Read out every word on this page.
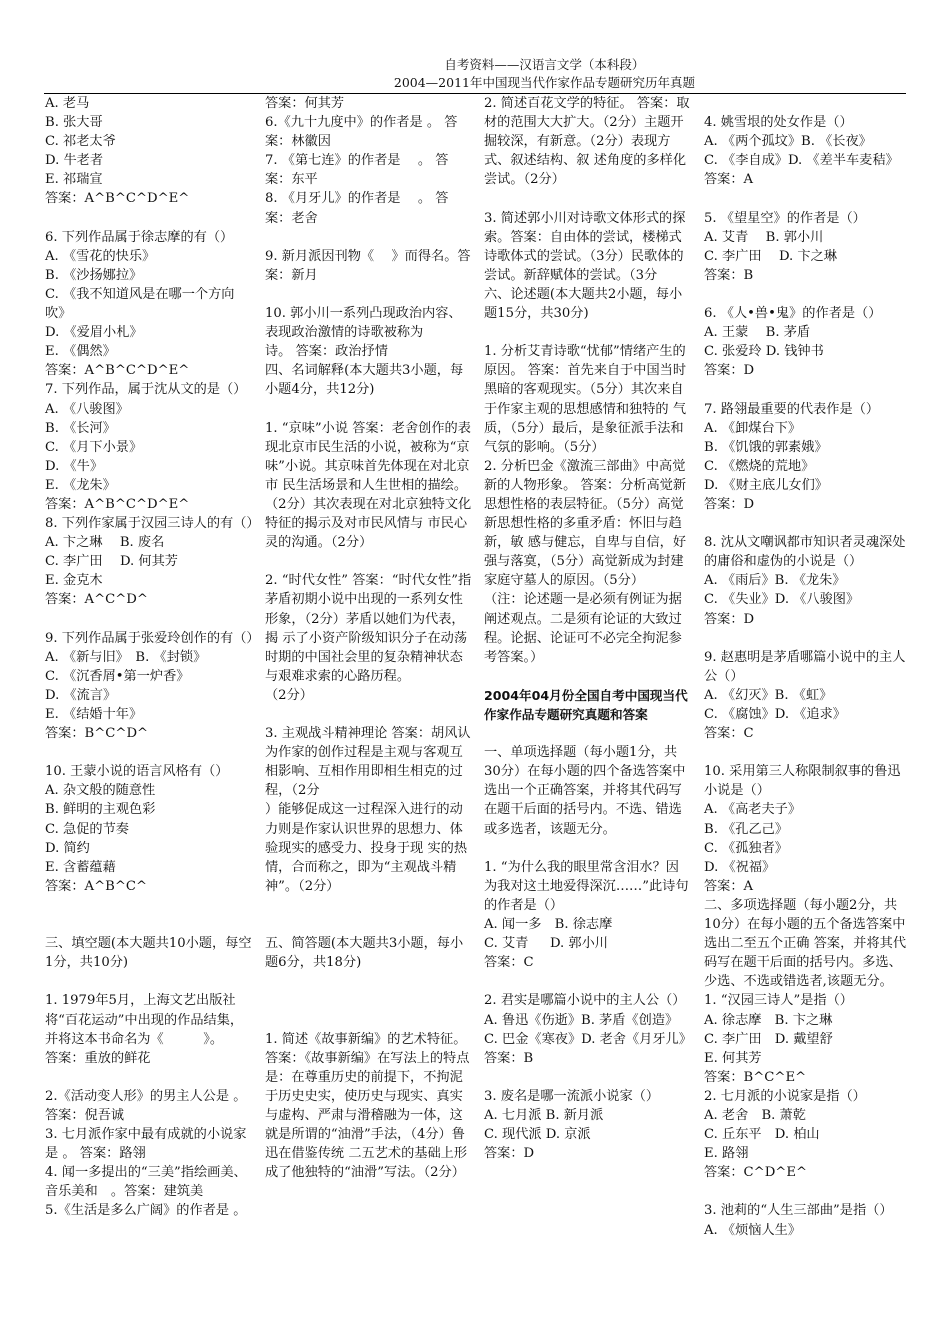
自考资料——汉语言文学（本科段）
2004—2011年中国现当代作家作品专题研究历年真题

A. 老马

B. 张大哥

C. 祁老太爷

D. 牛老者

E. 祁瑞宣

答案：A^B^C^D^E^

6. 下列作品属于徐志摩的有（）

A. 《雪花的快乐》

B. 《沙扬娜拉》

C. 《我不知道风是在哪一个方向吹》

D. 《爱眉小札》

E. 《偶然》

答案：A^B^C^D^E^

7. 下列作品，属于沈从文的是（）

A. 《八骏图》

B. 《长河》

C. 《月下小景》

D. 《牛》

E. 《龙朱》

答案：A^B^C^D^E^

8. 下列作家属于汉园三诗人的有（）

A. 卞之琳　 B. 废名

C. 李广田　 D. 何其芳

E. 金克木

答案：A^C^D^

9. 下列作品属于张爱玲创作的有（）

A. 《新与旧》　B. 《封锁》

C. 《沉香屑•第一炉香》

D. 《流言》

E. 《结婚十年》

答案：B^C^D^

10. 王蒙小说的语言风格有（）

A. 杂文般的随意性

B. 鲜明的主观色彩

C. 急促的节奏

D. 简约

E. 含蓄蕴藉

答案：A^B^C^

三、填空题(本大题共10小题，每空1分，共10分)

1. 1979年5月，上海文艺出版社将“百花运动”中出现的作品结集，并将这本书命名为《　　　》。

答案：重放的鲜花

2.《活动变人形》的男主人公是 。答案：倪吾诚

3. 七月派作家中最有成就的小说家是 。 答案：路翎

4. 闻一多提出的“三美”指绘画美、音乐美和　。答案：建筑美

5.《生活是多么广阔》的作者是 。

答案：何其芳

6.《九十九度中》的作者是 。 答案：林徽因

7. 《第七连》的作者是 　。 答案：东平

8. 《月牙儿》的作者是 　。 答案：老舍

9. 新月派因刊物《 　》而得名。答案：新月

10. 郭小川一系列凸现政治内容、表现政治激情的诗歌被称为　　诗。 答案：政治抒情

四、名词解释(本大题共3小题，每小题4分，共12分)

1. “京味”小说 答案：老舍创作的表现北京市民生活的小说，被称为“京味”小说。其京味首先体现在对北京市 民生活场景和人生世相的描绘。（2分）其次表现在对北京独特文化特征的揭示及对市民风情与 市民心灵的沟通。（2分）

2. “时代女性” 答案：“时代女性”指茅盾初期小说中出现的一系列女性形象，（2分）茅盾以她们为代表，揭 示了小资产阶级知识分子在动荡时期的中国社会里的复杂精神状态与艰难求索的心路历程。

（2分）

3. 主观战斗精神理论 答案：胡风认为作家的创作过程是主观与客观互相影响、互相作用即相生相克的过程，（2分

）能够促成这一过程深入进行的动力则是作家认识世界的思想力、体验现实的感受力、投身于现 实的热情，合而称之，即为“主观战斗精神”。（2分）

五、简答题(本大题共3小题，每小题6分，共18分)

1. 简述《故事新编》的艺术特征。 答案：《故事新编》在写法上的特点是：在尊重历史的前提下，不拘泥于历史史实，使历史与现实、真实与虚构、严肃与滑稽融为一体，这就是所谓的“油滑”手法，（4分）鲁迅在借鉴传统 二五艺术的基础上形成了他独特的“油滑”写法。（2分）

2. 简述百花文学的特征。 答案：取材的范围大大扩大。（2分）主题开掘较深，有新意。（2分）表现方式、叙述结构、叙 述角度的多样化尝试。（2分）

3. 简述郭小川对诗歌文体形式的探索。答案：自由体的尝试，楼梯式诗歌体式的尝试。（3分）民歌体的尝试。新辞赋体的尝试。（3分

六、论述题(本大题共2小题，每小题15分，共30分)

1. 分析艾青诗歌“忧郁”情绪产生的原因。 答案：首先来自于中国当时黑暗的客观现实。（5分）其次来自于作家主观的思想感情和独特的 气质，（5分）最后，是象征派手法和气氛的影响。（5分）

2. 分析巴金《激流三部曲》中高觉新的人物形象。 答案：分析高觉新思想性格的表层特征。（5分）高觉新思想性格的多重矛盾：怀旧与趋新，敏 感与健忘，自卑与自信，好强与落寞，（5分）高觉新成为封建家庭守墓人的原因。（5分）

（注：论述题一是必须有例证为据阐述观点。二是须有论证的大致过程。论据、论证可不必完全拘泥参考答案。）

2004年04月份全国自考中国现当代作家作品专题研究真题和答案

一、单项选择题（每小题1分，共30分）在每小题的四个备选答案中选出一个正确答案，并将其代码写在题干后面的括号内。不选、错选或多选者，该题无分。

1. “为什么我的眼里常含泪水？因为我对这土地爱得深沉……”此诗句的作者是（）

A. 闻一多　B. 徐志摩

C. 艾青 　 D. 郭小川

答案：C

2. 君实是哪篇小说中的主人公（）

A. 鲁迅《伤逝》B. 茅盾《创造》

C. 巴金《寒夜》D. 老舍《月牙儿》

答案：B

3. 废名是哪一流派小说家（）

A. 七月派 B. 新月派

C. 现代派 D. 京派

答案：D

4. 姚雪垠的处女作是（）

A. 《两个孤坟》B. 《长夜》

C. 《李自成》D. 《差半车麦秸》

答案：A

5. 《望星空》的作者是（）

A. 艾青　 B. 郭小川

C. 李广田　 D. 卞之琳

答案：B

6. 《人•兽•鬼》的作者是（）

A. 王蒙　 B. 茅盾

C. 张爱玲 D. 钱钟书

答案：D

7. 路翎最重要的代表作是（）

A. 《卸煤台下》

B. 《饥饿的郭素娥》

C. 《燃烧的荒地》

D. 《财主底儿女们》

答案：D

8. 沈从文嘲讽都市知识者灵魂深处的庸俗和虚伪的小说是（）

A. 《雨后》B. 《龙朱》

C. 《失业》D. 《八骏图》

答案：D

9. 赵惠明是茅盾哪篇小说中的主人公（）

A. 《幻灭》B. 《虹》

C. 《腐蚀》D. 《追求》

答案：C

10. 采用第三人称限制叙事的鲁迅小说是（）

A. 《高老夫子》

B. 《孔乙己》

C. 《孤独者》

D. 《祝福》

答案：A

二、多项选择题（每小题2分，共10分）在每小题的五个备选答案中选出二至五个正确 答案，并将其代码写在题干后面的括号内。多选、少选、不选或错选者,该题无分。

1. “汉园三诗人”是指（）

A. 徐志摩　B. 卞之琳

C. 李广田　D. 戴望舒

E. 何其芳

答案：B^C^E^

2. 七月派的小说家是指（）

A. 老舍　B. 萧乾

C. 丘东平　D. 柏山

E. 路翎

答案：C^D^E^

3. 池莉的“人生三部曲”是指（）

A. 《烦恼人生》
